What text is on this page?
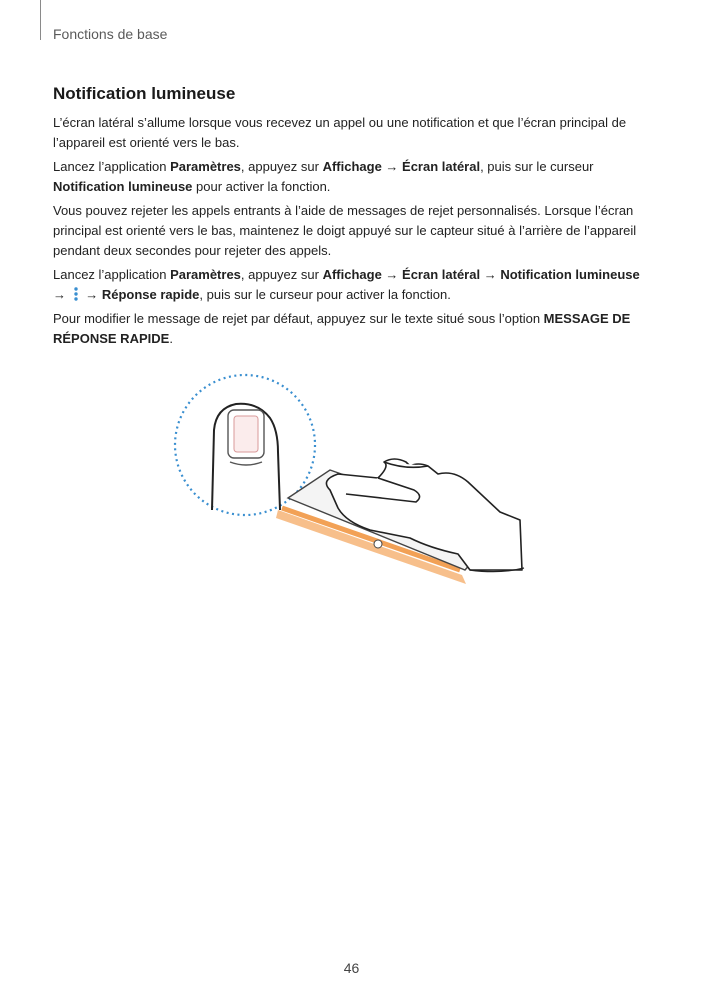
Fonctions de base
Notification lumineuse

L’écran latéral s’allume lorsque vous recevez un appel ou une notification et que l’écran principal de l’appareil est orienté vers le bas.

Lancez l’application Paramètres, appuyez sur Affichage → Écran latéral, puis sur le curseur Notification lumineuse pour activer la fonction.

Vous pouvez rejeter les appels entrants à l’aide de messages de rejet personnalisés. Lorsque l’écran principal est orienté vers le bas, maintenez le doigt appuyé sur le capteur situé à l’arrière de l’appareil pendant deux secondes pour rejeter des appels.

Lancez l’application Paramètres, appuyez sur Affichage → Écran latéral → Notification lumineuse →
→ Réponse rapide, puis sur le curseur pour activer la fonction.

Pour modifier le message de rejet par défaut, appuyez sur le texte situé sous l’option MESSAGE DE RÉPONSE RAPIDE.

46
